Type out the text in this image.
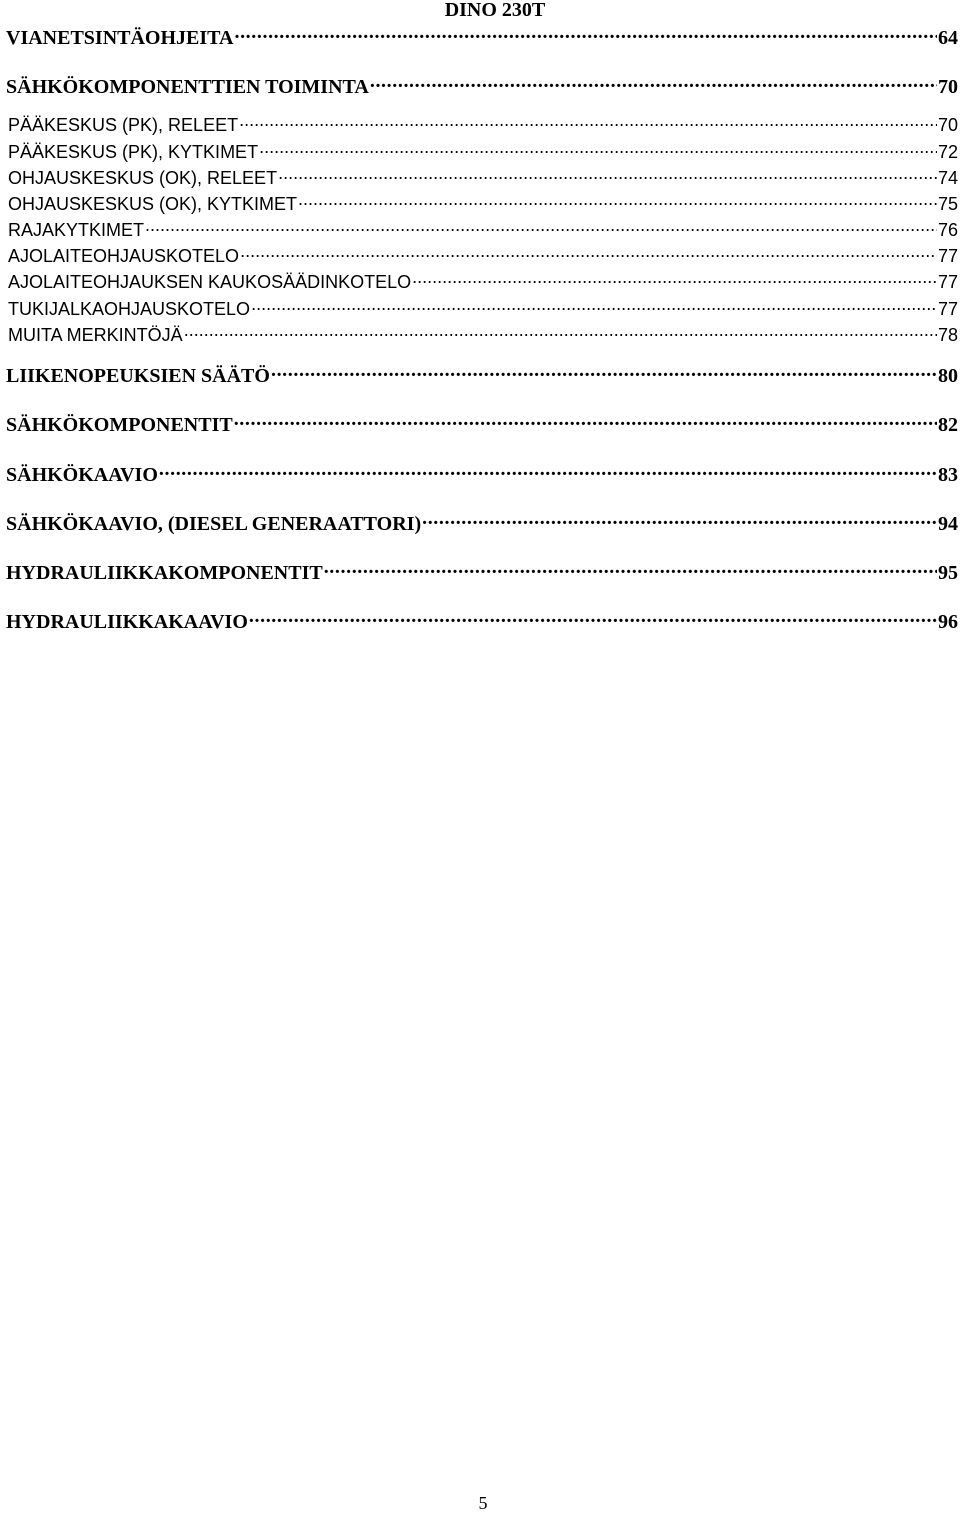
DINO 230T
VIANETSINTÄOHJEITA .....	64
SÄHKÖKOMPONENTTIEN TOIMINTA .....	70
PÄÄKESKUS (PK), RELEET .....	70
PÄÄKESKUS (PK), KYTKIMET .....	72
OHJAUSKESKUS (OK), RELEET .....	74
OHJAUSKESKUS (OK), KYTKIMET .....	75
RAJAKYTKIMET .....	76
AJOLAITEOHJAUSKOTELO .....	77
AJOLAITEOHJAUKSEN KAUKOSÄÄDINKOTELO .....	77
TUKIJALKAOHJAUSKOTELO .....	77
MUITA MERKINTÖJÄ .....	78
LIIKENOPEUKSIEN SÄÄTÖ .....	80
SÄHKÖKOMPONENTIT .....	82
SÄHKÖKAAVIO .....	83
SÄHKÖKAAVIO, (DIESEL GENERAATTORI) .....	94
HYDRAULIIKKAKOMPONENTIT .....	95
HYDRAULIIKKAKAAVIO .....	96
5
